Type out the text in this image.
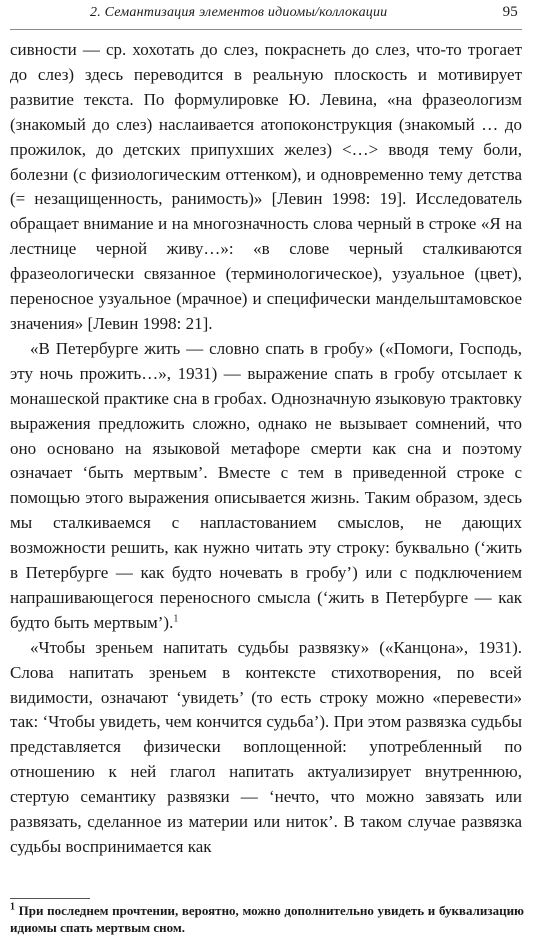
2. Семантизация элементов идиомы/коллокации	95

сивности — ср. хохотать до слез, покраснеть до слез, что-то трогает до слез) здесь переводится в реальную плоскость и мотивирует развитие текста. По формулировке Ю. Левина, «на фразеологизм (знакомый до слез) наслаивается атопоконструкция (знакомый … до прожилок, до детских припухших желез) <…> вводя тему боли, болезни (с физиологическим оттенком), и одновременно тему детства (= незащищенность, ранимость)» [Левин 1998: 19]. Исследователь обращает внимание и на многозначность слова черный в строке «Я на лестнице черной живу…»: «в слове черный сталкиваются фразеологически связанное (терминологическое), узуальное (цвет), переносное узуальное (мрачное) и специфически мандельштамовское значения» [Левин 1998: 21].

«В Петербурге жить — словно спать в гробу» («Помоги, Господь, эту ночь прожить…», 1931) — выражение спать в гробу отсылает к монашеской практике сна в гробах. Однозначную языковую трактовку выражения предложить сложно, однако не вызывает сомнений, что оно основано на языковой метафоре смерти как сна и поэтому означает ‘быть мертвым’. Вместе с тем в приведенной строке с помощью этого выражения описывается жизнь. Таким образом, здесь мы сталкиваемся с напластованием смыслов, не дающих возможности решить, как нужно читать эту строку: буквально (‘жить в Петербурге — как будто ночевать в гробу’) или с подключением напрашивающегося переносного смысла (‘жить в Петербурге — как будто быть мертвым’).$^1$

«Чтобы зреньем напитать судьбы развязку» («Канцона», 1931). Слова напитать зреньем в контексте стихотворения, по всей видимости, означают ‘увидеть’ (то есть строку можно «перевести» так: ‘Чтобы увидеть, чем кончится судьба’). При этом развязка судьбы представляется физически воплощенной: употребленный по отношению к ней глагол напитать актуализирует внутреннюю, стертую семантику развязки — ‘нечто, что можно завязать или развязать, сделанное из материи или ниток’. В таком случае развязка судьбы воспринимается как

$^1$ При последнем прочтении, вероятно, можно дополнительно увидеть и буквализацию идиомы спать мертвым сном.
